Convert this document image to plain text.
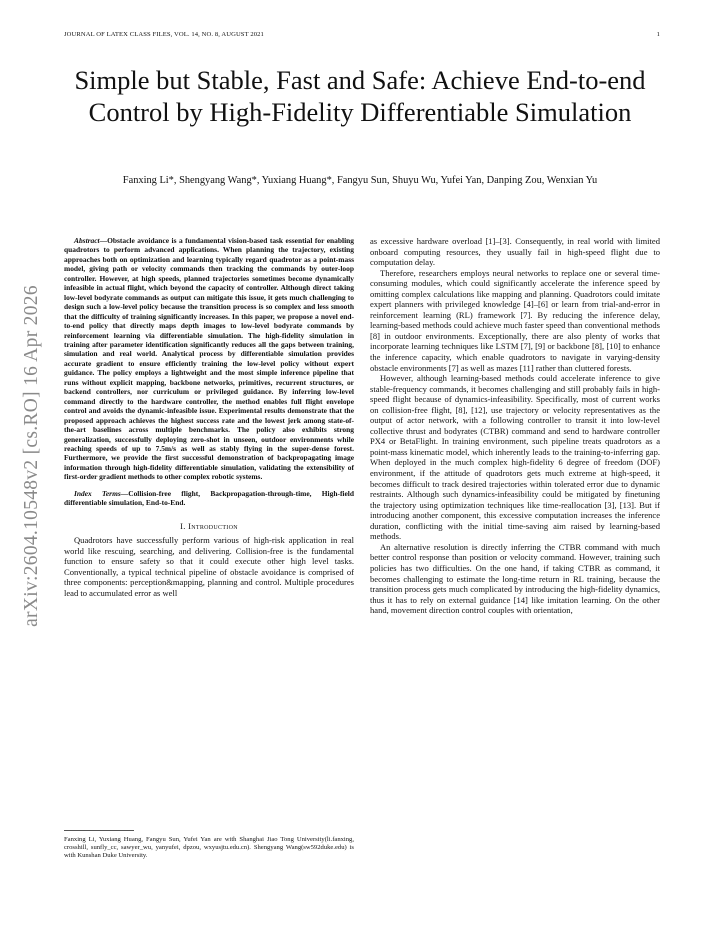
JOURNAL OF LATEX CLASS FILES, VOL. 14, NO. 8, AUGUST 2021	1
arXiv:2604.10548v2 [cs.RO] 16 Apr 2026
Simple but Stable, Fast and Safe: Achieve End-to-end Control by High-Fidelity Differentiable Simulation
Fanxing Li*, Shengyang Wang*, Yuxiang Huang*, Fangyu Sun, Shuyu Wu, Yufei Yan, Danping Zou, Wenxian Yu

Abstract—Obstacle avoidance is a fundamental vision-based task essential for enabling quadrotors to perform advanced applications. When planning the trajectory, existing approaches both on optimization and learning typically regard quadrotor as a point-mass model, giving path or velocity commands then tracking the commands by outer-loop controller. However, at high speeds, planned trajectories sometimes become dynamically infeasible in actual flight, which beyond the capacity of controller. Although direct taking low-level bodyrate commands as output can mitigate this issue, it gets much challenging to design such a low-level policy because the transition process is so complex and less smooth that the difficulty of training significantly increases. In this paper, we propose a novel end-to-end policy that directly maps depth images to low-level bodyrate commands by reinforcement learning via differentiable simulation. The high-fidelity simulation in training after parameter identification significantly reduces all the gaps between training, simulation and real world. Analytical process by differentiable simulation provides accurate gradient to ensure efficiently training the low-level policy without expert guidance. The policy employs a lightweight and the most simple inference pipeline that runs without explicit mapping, backbone networks, primitives, recurrent structures, or backend controllers, nor curriculum or privileged guidance. By inferring low-level command directly to the hardware controller, the method enables full flight envelope control and avoids the dynamic-infeasible issue. Experimental results demonstrate that the proposed approach achieves the highest success rate and the lowest jerk among state-of-the-art baselines across multiple benchmarks. The policy also exhibits strong generalization, successfully deploying zero-shot in unseen, outdoor environments while reaching speeds of up to 7.5m/s as well as stably flying in the super-dense forest. Furthermore, we provide the first successful demonstration of backpropagating image information through high-fidelity differentiable simulation, validating the extensibility of first-order gradient methods to other complex robotic systems.

Index Terms—Collision-free flight, Backpropagation-through-time, High-field differentiable simulation, End-to-End.

I. Introduction

Quadrotors have successfully perform various of high-risk application in real world like rescuing, searching, and delivering. Collision-free is the fundamental function to ensure safety so that it could execute other high level tasks. Conventionally, a typical technical pipeline of obstacle avoidance is comprised of three components: perception&mapping, planning and control. Multiple procedures lead to accumulated error as well

Fanxing Li, Yuxiang Huang, Fangyu Sun, Yufei Yan are with Shanghai Jiao Tong University(li.fanxing, crosshill, sunfly_cc, sawyer_wu, yanyufei, dpzou, wxyusjtu.edu.cn). Shengyang Wang(sw592duke.edu) is with Kunshan Duke University.

as excessive hardware overload [1]–[3]. Consequently, in real world with limited onboard computing resources, they usually fail in high-speed flight due to computation delay.

Therefore, researchers employs neural networks to replace one or several time-consuming modules, which could significantly accelerate the inference speed by omitting complex calculations like mapping and planning. Quadrotors could imitate expert planners with privileged knowledge [4]–[6] or learn from trial-and-error in reinforcement learning (RL) framework [7]. By reducing the inference delay, learning-based methods could achieve much faster speed than conventional methods [8] in outdoor environments. Exceptionally, there are also plenty of works that incorporate learning techniques like LSTM [7], [9] or backbone [8], [10] to enhance the inference capacity, which enable quadrotors to navigate in varying-density obstacle environments [7] as well as mazes [11] rather than cluttered forests.

However, although learning-based methods could accelerate inference to give stable-frequency commands, it becomes challenging and still probably fails in high-speed flight because of dynamics-infeasibility. Specifically, most of current works on collision-free flight, [8], [12], use trajectory or velocity representatives as the output of actor network, with a following controller to transit it into low-level collective thrust and bodyrates (CTBR) command and send to hardware controller PX4 or BetaFlight. In training environment, such pipeline treats quadrotors as a point-mass kinematic model, which inherently leads to the training-to-inferring gap. When deployed in the much complex high-fidelity 6 degree of freedom (DOF) environment, if the attitude of quadrotors gets much extreme at high-speed, it becomes difficult to track desired trajectories within tolerated error due to dynamic restraints. Although such dynamics-infeasibility could be mitigated by finetuning the trajectory using optimization techniques like time-reallocation [3], [13]. But if introducing another component, this excessive computation increases the inference duration, conflicting with the initial time-saving aim raised by learning-based methods.

An alternative resolution is directly inferring the CTBR command with much better control response than position or velocity command. However, training such policies has two difficulties. On the one hand, if taking CTBR as command, it becomes challenging to estimate the long-time return in RL training, because the transition process gets much complicated by introducing the high-fidelity dynamics, thus it has to rely on external guidance [14] like imitation learning. On the other hand, movement direction control couples with orientation,
